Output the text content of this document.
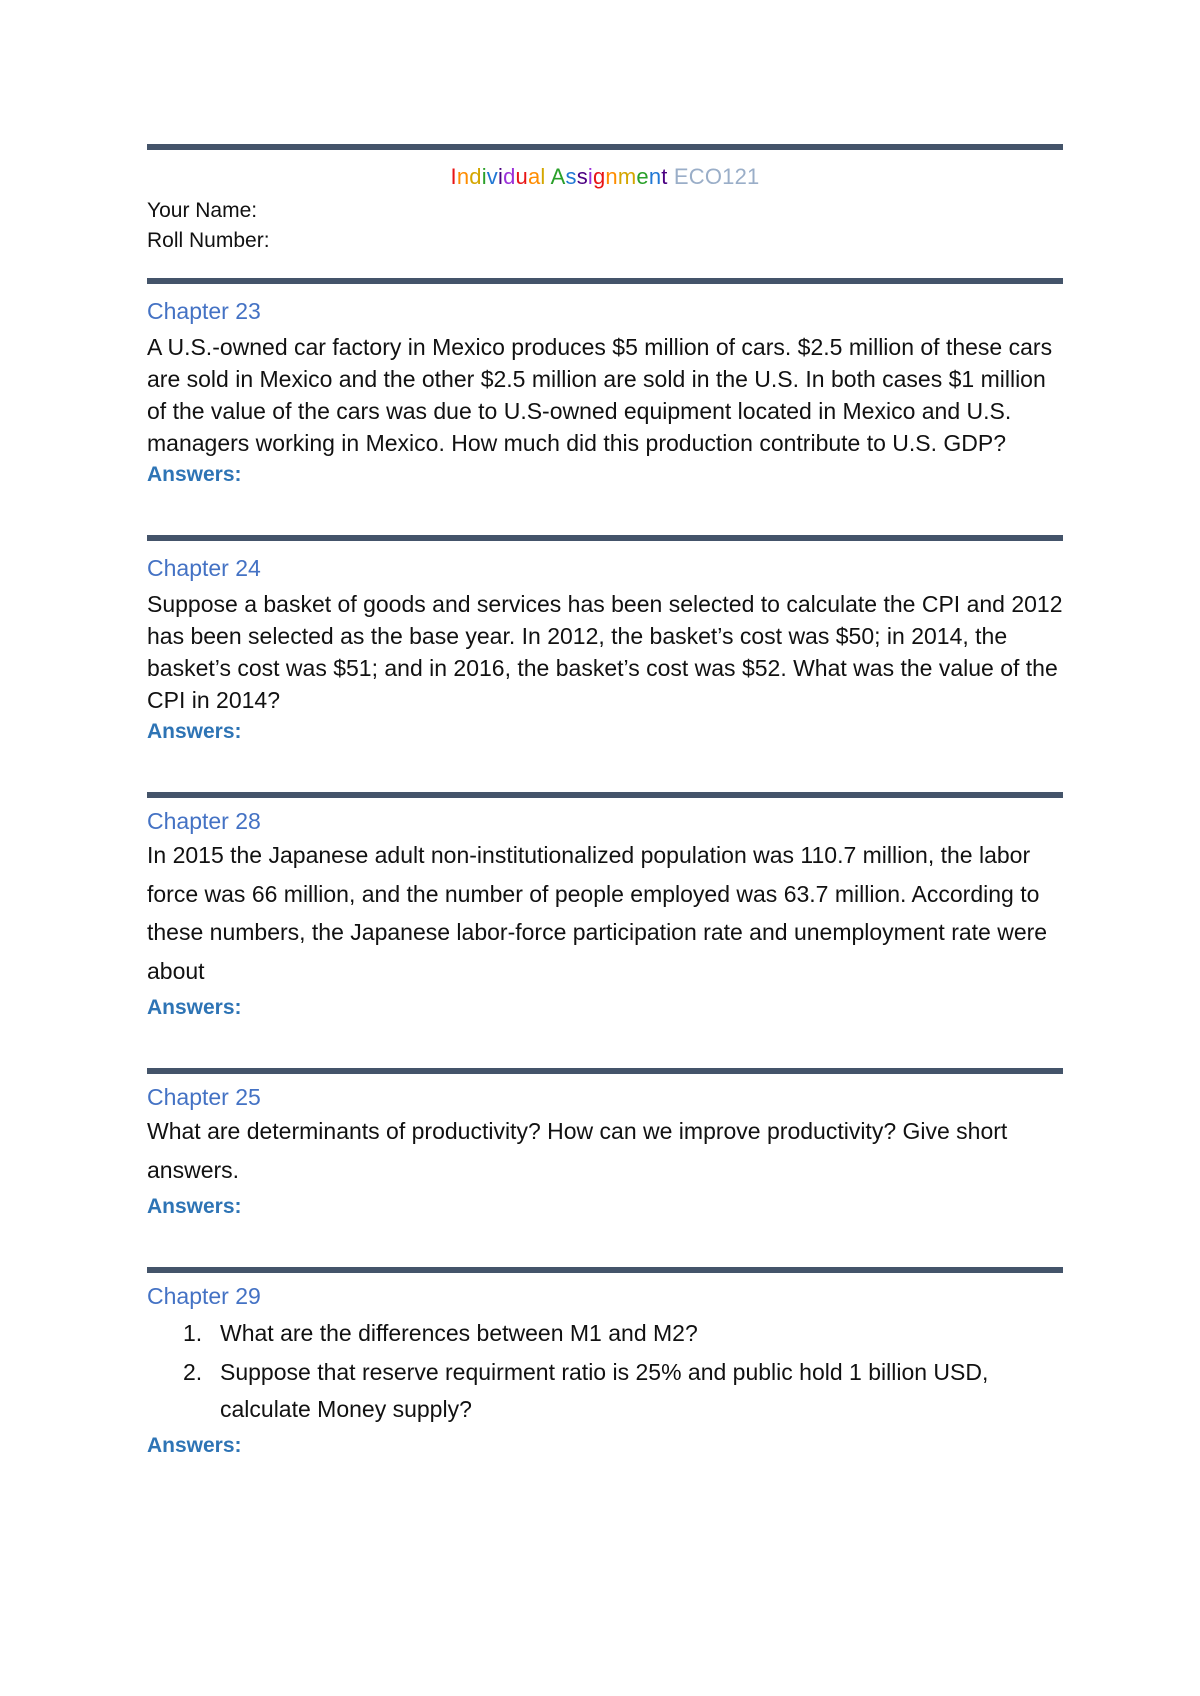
Individual Assignment ECO121
Your Name:
Roll Number:
Chapter 23
A U.S.-owned car factory in Mexico produces $5 million of cars. $2.5 million of these cars are sold in Mexico and the other $2.5 million are sold in the U.S. In both cases $1 million of the value of the cars was due to U.S-owned equipment located in Mexico and U.S. managers working in Mexico. How much did this production contribute to U.S. GDP?
Answers:
Chapter 24
Suppose a basket of goods and services has been selected to calculate the CPI and 2012 has been selected as the base year. In 2012, the basket’s cost was $50; in 2014, the basket’s cost was $51; and in 2016, the basket’s cost was $52. What was the value of the CPI in 2014?
Answers:
Chapter 28
In 2015 the Japanese adult non-institutionalized population was 110.7 million, the labor force was 66 million, and the number of people employed was 63.7 million. According to these numbers, the Japanese labor-force participation rate and unemployment rate were about
Answers:
Chapter 25
What are determinants of productivity? How can we improve productivity? Give short answers.
Answers:
Chapter 29
1. What are the differences between M1 and M2?
2. Suppose that reserve requirment ratio is 25% and public hold 1 billion USD, calculate Money supply?
Answers:
